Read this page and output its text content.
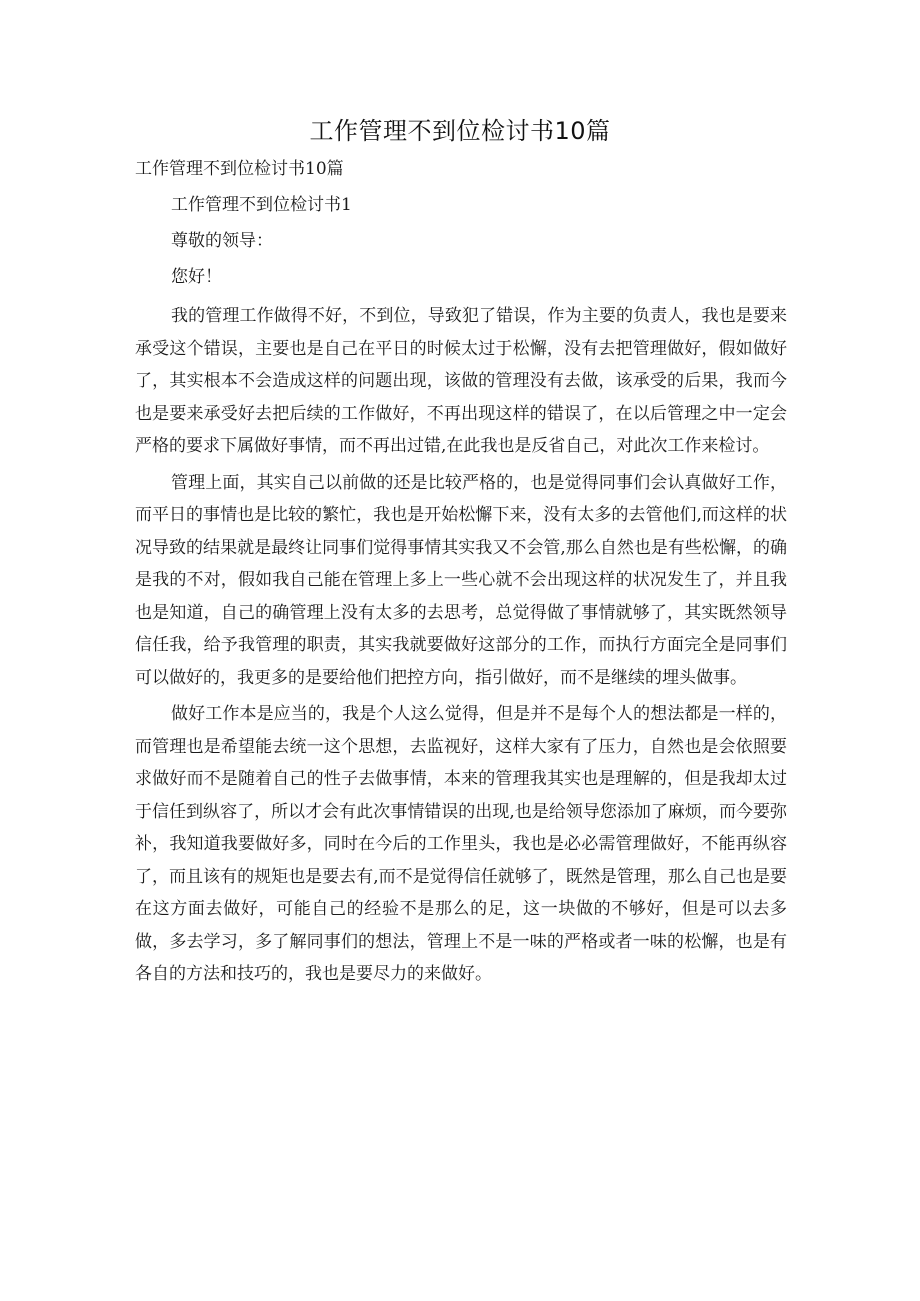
工作管理不到位检讨书10篇

工作管理不到位检讨书10篇

工作管理不到位检讨书1

尊敬的领导：

您好！

我的管理工作做得不好，不到位，导致犯了错误，作为主要的负责人，我也是要来承受这个错误，主要也是自己在平日的时候太过于松懈，没有去把管理做好，假如做好了，其实根本不会造成这样的问题出现，该做的管理没有去做，该承受的后果，我而今也是要来承受好去把后续的工作做好，不再出现这样的错误了，在以后管理之中一定会严格的要求下属做好事情，而不再出过错,在此我也是反省自己，对此次工作来检讨。

管理上面，其实自己以前做的还是比较严格的，也是觉得同事们会认真做好工作，而平日的事情也是比较的繁忙，我也是开始松懈下来，没有太多的去管他们,而这样的状况导致的结果就是最终让同事们觉得事情其实我又不会管,那么自然也是有些松懈，的确是我的不对，假如我自己能在管理上多上一些心就不会出现这样的状况发生了，并且我也是知道，自己的确管理上没有太多的去思考，总觉得做了事情就够了，其实既然领导信任我，给予我管理的职责，其实我就要做好这部分的工作，而执行方面完全是同事们可以做好的，我更多的是要给他们把控方向，指引做好，而不是继续的埋头做事。

做好工作本是应当的，我是个人这么觉得，但是并不是每个人的想法都是一样的，而管理也是希望能去统一这个思想，去监视好，这样大家有了压力，自然也是会依照要求做好而不是随着自己的性子去做事情，本来的管理我其实也是理解的，但是我却太过于信任到纵容了，所以才会有此次事情错误的出现,也是给领导您添加了麻烦，而今要弥补，我知道我要做好多，同时在今后的工作里头，我也是必必需管理做好，不能再纵容了，而且该有的规矩也是要去有,而不是觉得信任就够了，既然是管理，那么自己也是要在这方面去做好，可能自己的经验不是那么的足，这一块做的不够好，但是可以去多做，多去学习，多了解同事们的想法，管理上不是一味的严格或者一味的松懈，也是有各自的方法和技巧的，我也是要尽力的来做好。
